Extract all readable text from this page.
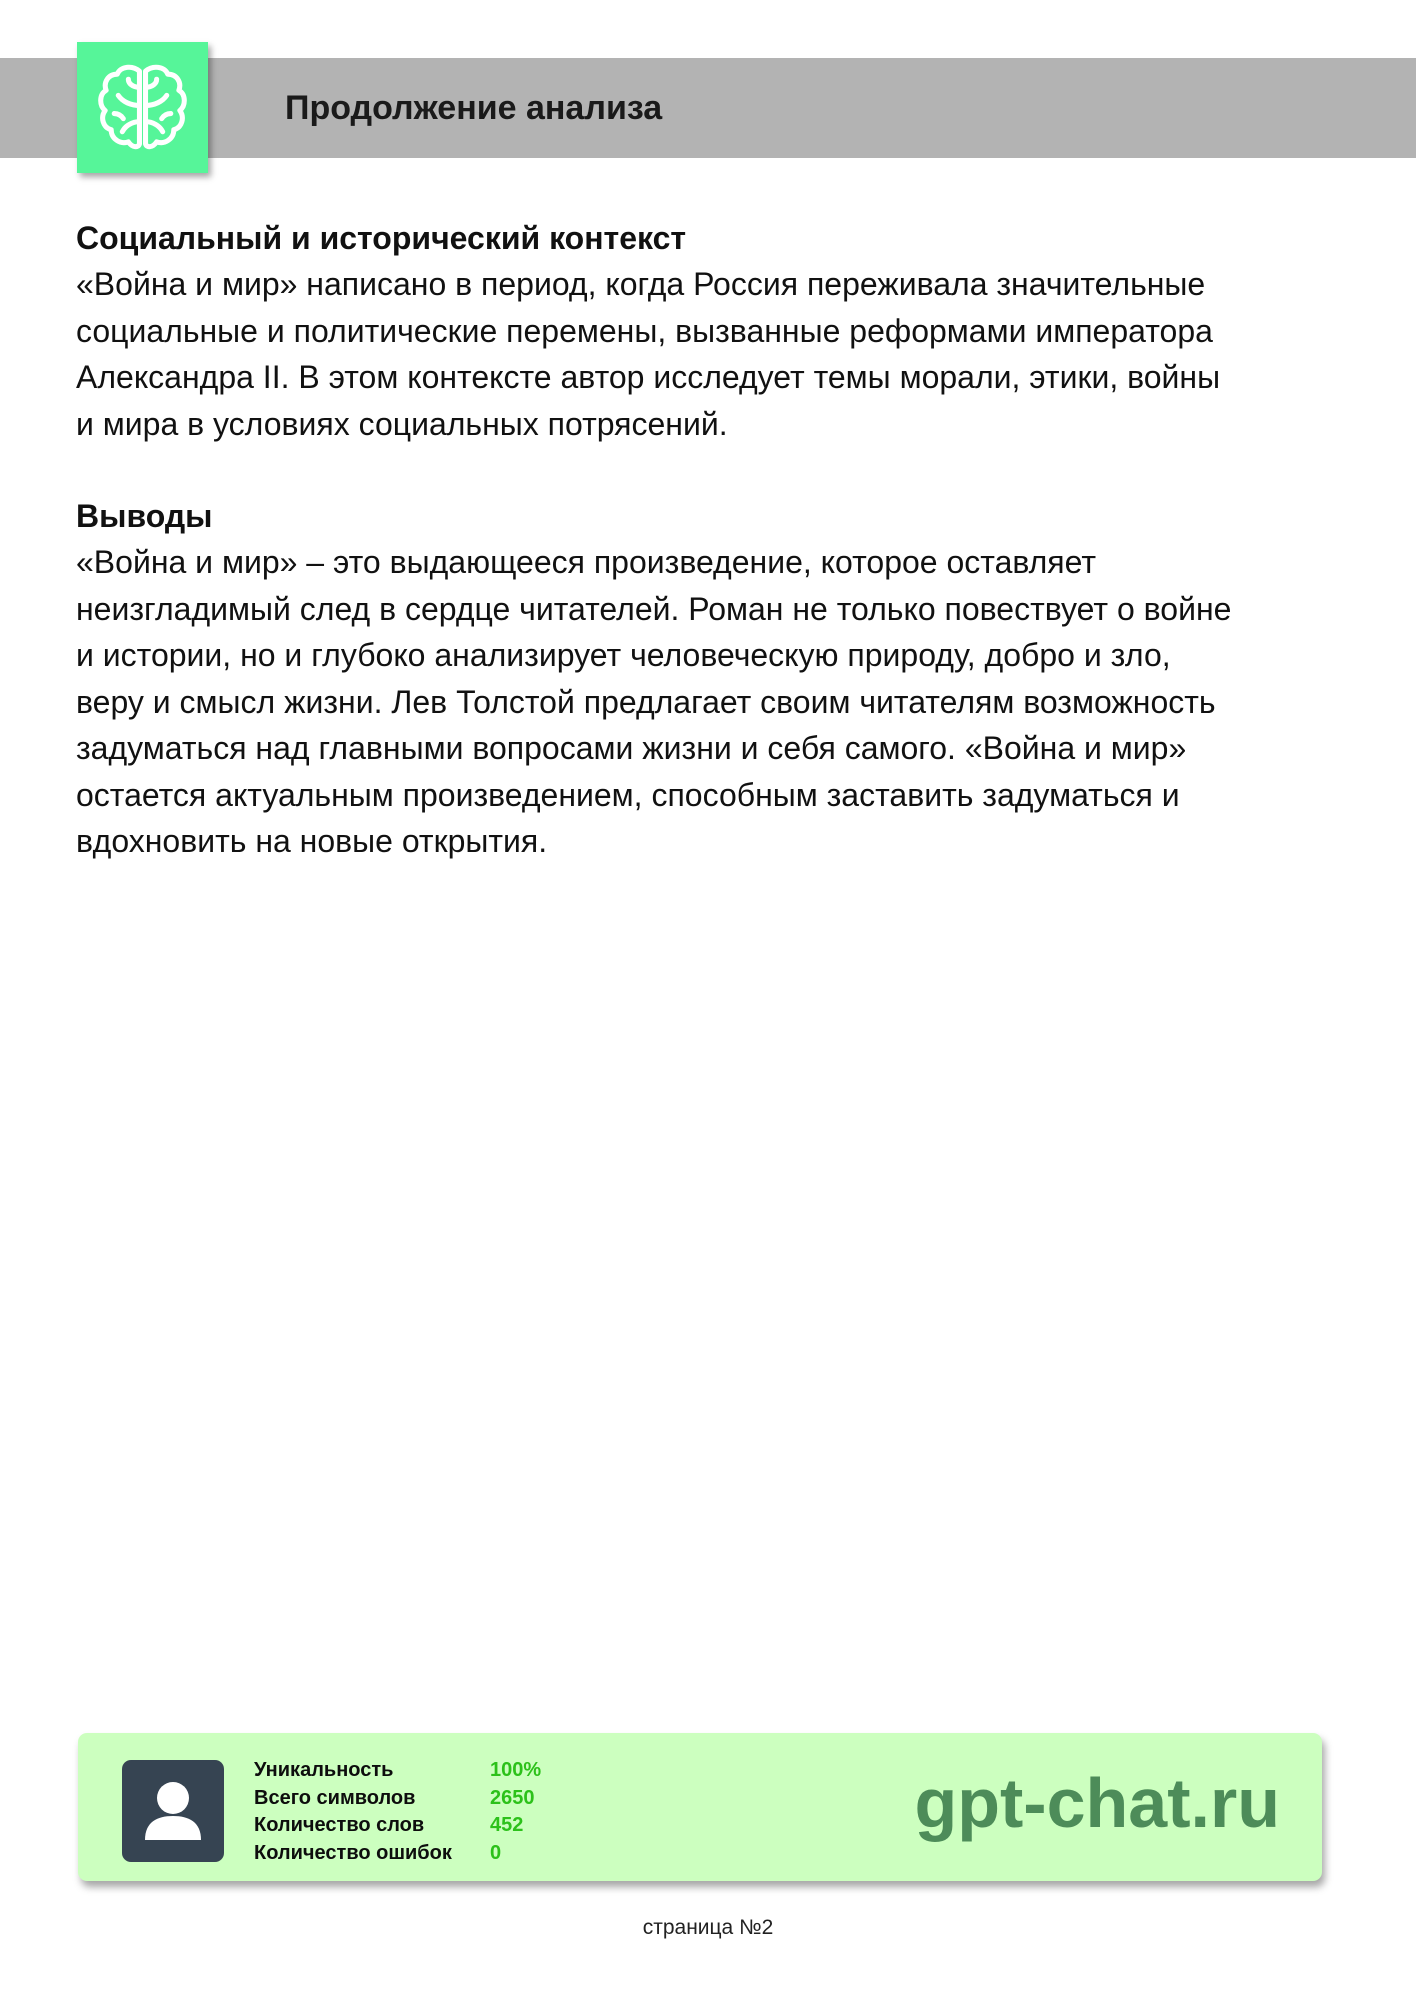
Продолжение анализа

Социальный и исторический контекст

«Война и мир» написано в период, когда Россия переживала значительные

социальные и политические перемены, вызванные реформами императора

Александра II. В этом контексте автор исследует темы морали, этики, войны

и мира в условиях социальных потрясений.

Выводы

«Война и мир» – это выдающееся произведение, которое оставляет

неизгладимый след в сердце читателей. Роман не только повествует о войне

и истории, но и глубоко анализирует человеческую природу, добро и зло,

веру и смысл жизни. Лев Толстой предлагает своим читателям возможность

задуматься над главными вопросами жизни и себя самого. «Война и мир»

остается актуальным произведением, способным заставить задуматься и

вдохновить на новые открытия.

Уникальность	100%
Всего символов	2650
Количество слов	452
Количество ошибок	0
gpt-chat.ru
страница №2
